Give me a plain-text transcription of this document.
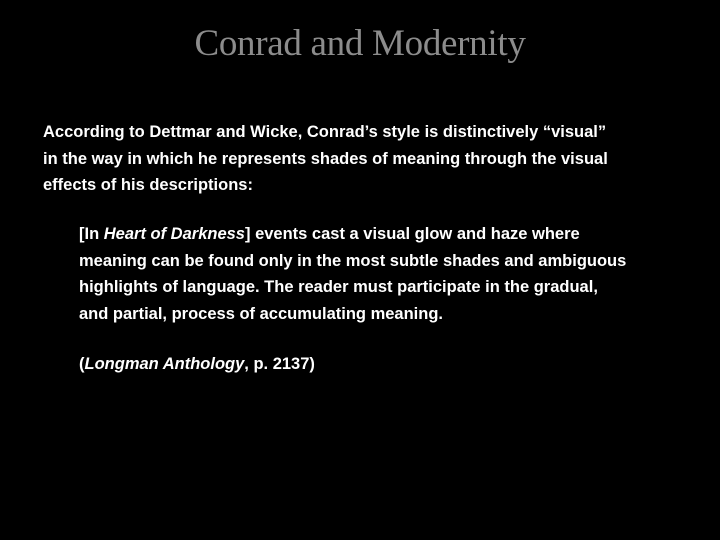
Conrad and Modernity

According to Dettmar and Wicke, Conrad’s style is distinctively “visual”
in the way in which he represents shades of meaning through the visual
effects of his descriptions:

[In Heart of Darkness] events cast a visual glow and haze where
meaning can be found only in the most subtle shades and ambiguous
highlights of language. The reader must participate in the gradual,
and partial, process of accumulating meaning.

(Longman Anthology, p. 2137)
